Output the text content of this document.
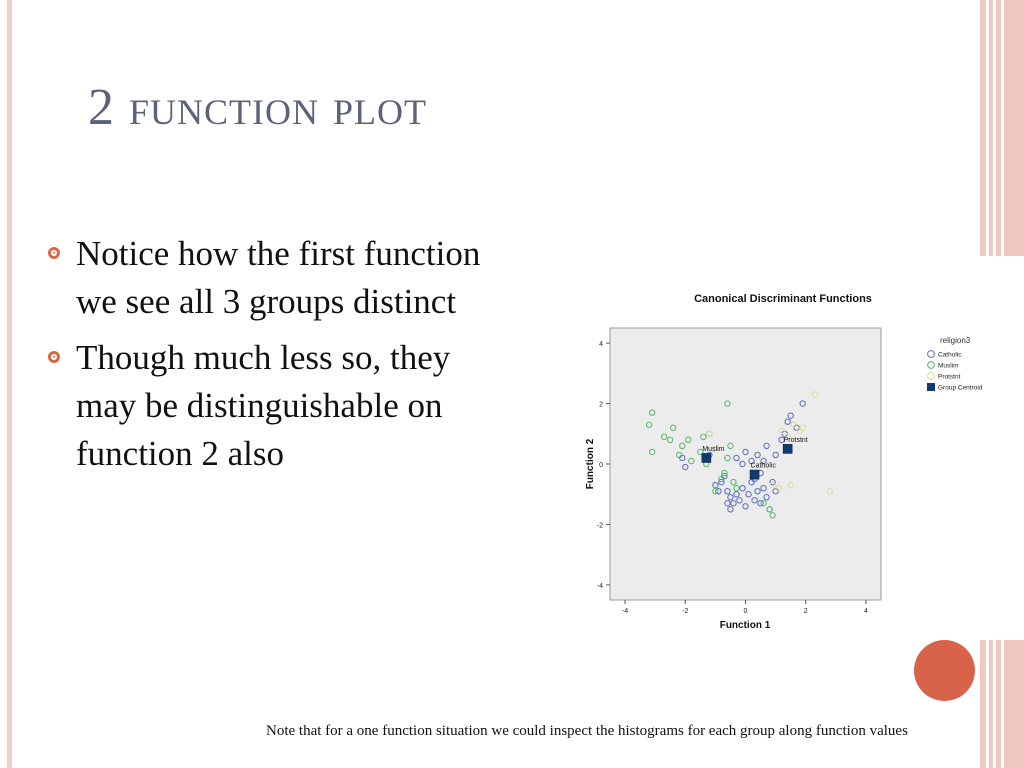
2 function plot
Notice how the first function we see all 3 groups distinct
Though much less so, they may be distinguishable on function 2 also
Canonical Discriminant Functions
-4	-2	0	2	4
-4
-2
0
2
4
Muslim
Catholic
Protstnt
religion3
Catholic
Muslim
Protstnt
Group Centroid
Function 1
Function 2
Note that for a one function situation we could inspect the histograms for each group along function values
